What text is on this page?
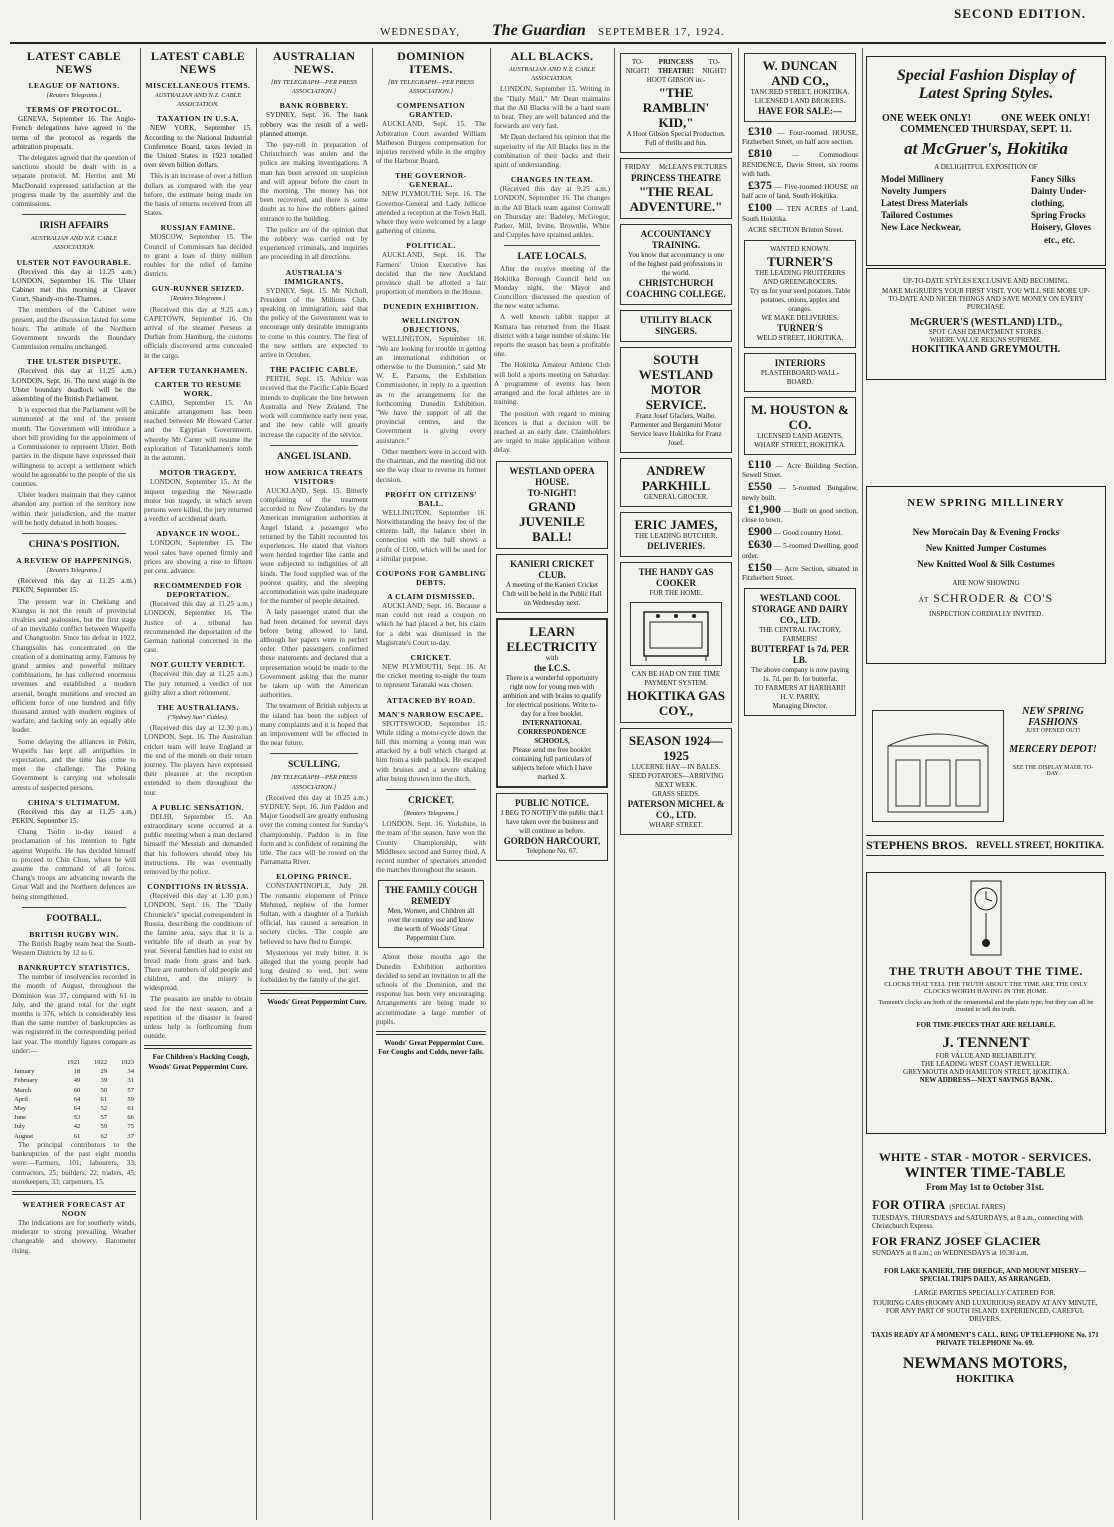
SECOND EDITION.
WEDNESDAY, The Guardian SEPTEMBER 17, 1924.
LATEST CABLE NEWS
LEAGUE OF NATIONS.
[Reuters Telegrams.]
TERMS OF PROTOCOL.

GENEVA, September 16. The Anglo-French delegations have agreed to the terms of the protocol as regards the arbitration proposals.

The delegates agreed that the question of sanctions should be dealt with in a separate protocol. M. Herriot and Mr MacDonald expressed satisfaction at the progress made by the assembly and the commissions.

IRISH AFFAIRS
AUSTRALIAN AND N.Z. CABLE ASSOCIATION.
ULSTER NOT FAVOURABLE.

(Received this day at 11.25 a.m.) LONDON, September 16. The Ulster Cabinet met this morning at Cleaver Court, Shandy-on-the-Thames.

The members of the Cabinet were present, and the discussion lasted for some hours. The attitude of the Northern Government towards the Boundary Commission remains unchanged.

THE ULSTER DISPUTE.

(Received this day at 11.25 a.m.) LONDON, Sept. 16. The next stage in the Ulster boundary deadlock will be the assembling of the British Parliament.

It is expected that the Parliament will be summoned at the end of the present month. The Government will introduce a short bill providing for the appointment of a Commissioner to represent Ulster. Both parties in the dispute have expressed their willingness to accept a settlement which would be agreeable to the people of the six counties.

Ulster leaders maintain that they cannot abandon any portion of the territory now within their jurisdiction, and the matter will be hotly debated in both houses.

CHINA'S POSITION.
A REVIEW OF HAPPENINGS.
[Reuters Telegrams.]

(Received this day at 11.25 a.m.) PEKIN, September 15.

The present war in Chekiang and Kiangsu is not the result of provincial rivalries and jealousies, but the first stage of an inevitable conflict between Wupeifu and Changtsolin. Since his defeat in 1922, Changtsolin has concentrated on the creation of a dominating army. Famous by grand armies and powerful military combinations, he has collected enormous revenues and established a modern arsenal, bought munitions and erected an efficient force of one hundred and fifty thousand armed with modern engines of warfare, and lacking only an equally able leader.

Some delaying the alliances in Pekin, Wupeifu has kept all antipathies in expectation, and the time has come to meet the challenge. The Peking Government is carrying out wholesale arrests of suspected persons.

CHINA'S ULTIMATUM.

(Received this day at 11.25 a.m.) PEKIN, September 15.

Chang Tsolin to-day issued a proclamation of his intention to fight against Wupeifu. He has decided himself to proceed to Chin Chou, where he will assume the command of all forces. Chang's troops are advancing towards the Great Wall and the Northern defences are being strengthened.

FOOTBALL.
BRITISH RUGBY WIN.

The British Rugby team beat the South-Western Districts by 12 to 6.

BANKRUPTCY STATISTICS.

The number of insolvencies recorded in the month of August, throughout the Dominion was 37, compared with 61 in July, and the grand total for the eight months is 376, which is considerably less than the same number of bankruptcies as was registered in the corresponding period last year. The monthly figures compare as under:—

	1921	1922	1923
January	18	29	34
February	49	39	31
March	60	50	57
April	64	61	59
May	64	52	61
June	53	57	66
July	42	59	75
August	61	62	37

The principal contributors to the bankruptcies of the past eight months were:—Farmers, 101; labourers, 33; contractors, 25; builders, 22; traders, 45; storekeepers, 33; carpenters, 15.

WEATHER FORECAST AT NOON

The indications are for southerly winds, moderate to strong prevailing. Weather changeable and showery. Barometer rising.

LATEST CABLE NEWS
MISCELLANEOUS ITEMS.
AUSTRALIAN AND N.Z. CABLE ASSOCIATION.
TAXATION IN U.S.A.

NEW YORK, September 15. According to the National Industrial Conference Board, taxes levied in the United States in 1923 totalled over seven billion dollars.

This is an increase of over a billion dollars as compared with the year before, the estimate being made on the basis of returns received from all States.

RUSSIAN FAMINE.

MOSCOW, September 15. The Council of Commissars has decided to grant a loan of thirty million roubles for the relief of famine districts.

GUN-RUNNER SEIZED.
[Reuters Telegrams.]

(Received this day at 9.25 a.m.) CAPETOWN, September 16. On arrival of the steamer Perseus at Durban from Hamburg, the customs officials discovered arms concealed in the cargo.

AFTER TUTANKHAMEN.
CARTER TO RESUME WORK.

CAIRO, September 15. An amicable arrangement has been reached between Mr Howard Carter and the Egyptian Government, whereby Mr Carter will resume the exploration of Tutankhamen's tomb in the autumn.

MOTOR TRAGEDY.

LONDON, September 15. At the inquest regarding the Newcastle motor bus tragedy, in which seven persons were killed, the jury returned a verdict of accidental death.

ADVANCE IN WOOL.

LONDON, September 15. The wool sales have opened firmly and prices are showing a rise to fifteen per cent. advance.

RECOMMENDED FOR DEPORTATION.

(Received this day at 11.25 a.m.) LONDON, September 16. The Justice of a tribunal has recommended the deportation of the German national concerned in the case.

NOT GUILTY VERDICT.

(Received this day at 11.25 a.m.) The jury returned a verdict of not guilty after a short retirement.

THE AUSTRALIANS.
("Sydney Sun" Cables).

(Received this day at 12.30 p.m.) LONDON, Sept. 16. The Australian cricket team will leave England at the end of the month on their return journey. The players have expressed their pleasure at the reception extended to them throughout the tour.

A PUBLIC SENSATION.

DELHI, September 15. An extraordinary scene occurred at a public meeting when a man declared himself the Messiah and demanded that his followers should obey his instructions. He was eventually removed by the police.

CONDITIONS IN RUSSIA.

(Received this day at 1.30 p.m.) LONDON, Sept. 16. The "Daily Chronicle's" special correspondent in Russia, describing the conditions of the famine area, says that it is a veritable life of death as year by year. Several families had to exist on bread made from grass and bark. There are numbers of old people and children, and the misery is widespread.

The peasants are unable to obtain seed for the next season, and a repetition of the disaster is feared unless help is forthcoming from outside.

For Children's Hacking Cough, Woods' Great Peppermint Cure.

AUSTRALIAN NEWS.
[BY TELEGRAPH—PER PRESS ASSOCIATION.]
BANK ROBBERY.

SYDNEY, Sept. 16. The bank robbery was the result of a well-planned attempt.

The pay-roll in preparation of Christchurch was stolen and the police are making investigations. A man has been arrested on suspicion and will appear before the court in the morning. The money has not been recovered, and there is some doubt as to how the robbers gained entrance to the building.

The police are of the opinion that the robbery was carried out by experienced criminals, and inquiries are proceeding in all directions.

AUSTRALIA'S IMMIGRANTS.

SYDNEY, Sept. 15. Mr Nicholl, President of the Millions Club, speaking on immigration, said that the policy of the Government was to encourage only desirable immigrants to come to this country. The first of the new settlers are expected to arrive in October.

THE PACIFIC CABLE.

PERTH, Sept. 15. Advice was received that the Pacific Cable Board intends to duplicate the line between Australia and New Zealand. The work will commence early next year, and the new cable will greatly increase the capacity of the service.

ANGEL ISLAND.
HOW AMERICA TREATS VISITORS

AUCKLAND, Sept. 15. Bitterly complaining of the treatment accorded to New Zealanders by the American immigration authorities at Angel Island, a passenger who returned by the Tahiti recounted his experiences. He stated that visitors were herded together like cattle and were subjected to indignities of all kinds. The food supplied was of the poorest quality, and the sleeping accommodation was quite inadequate for the number of people detained.

A lady passenger stated that she had been detained for several days before being allowed to land, although her papers were in perfect order. Other passengers confirmed these statements and declared that a representation would be made to the Government asking that the matter be taken up with the American authorities.

The treatment of British subjects at the island has been the subject of many complaints and it is hoped that an improvement will be effected in the near future.

SCULLING.
[BY TELEGRAPH—PER PRESS ASSOCIATION.]

(Received this day at 10.25 a.m.) SYDNEY, Sept. 16. Jim Paddon and Major Goodsell are greatly enthusing over the coming contest for Sunday's championship. Paddon is in fine form and is confident of retaining the title. The race will be rowed on the Parramatta River.

ELOPING PRINCE.

CONSTANTINOPLE, July 28. The romantic elopement of Prince Mehmed, nephew of the former Sultan, with a daughter of a Turkish official, has caused a sensation in society circles. The couple are believed to have fled to Europe.

Mysterious yet truly bitter, it is alleged that the young people had long desired to wed, but were forbidden by the family of the girl.

Woods' Great Peppermint Cure.

DOMINION ITEMS.
[BY TELEGRAPH—PER PRESS ASSOCIATION.]
COMPENSATION GRANTED.

AUCKLAND, Sept. 15. The Arbitration Court awarded William Matheson Burgess compensation for injuries received while in the employ of the Harbour Board.

THE GOVERNOR-GENERAL.

NEW PLYMOUTH, Sept. 16. The Governor-General and Lady Jellicoe attended a reception at the Town Hall, where they were welcomed by a large gathering of citizens.

POLITICAL.

AUCKLAND, Sept. 16. The Farmers' Union Executive has decided that the new Auckland province shall be allotted a fair proportion of members in the House.

DUNEDIN EXHIBITION.
WELLINGTON OBJECTIONS.

WELLINGTON, September 16. "We are looking for trouble in getting an international exhibition or otherwise to the Dominion," said Mr W. E. Parsons, the Exhibition Commissioner, in reply to a question as to the arrangements for the forthcoming Dunedin Exhibition. "We have the support of all the provincial centres, and the Government is giving every assistance."

Other members were in accord with the chairman, and the meeting did not see the way clear to reverse its former decision.

PROFIT ON CITIZENS' BALL.

WELLINGTON, September 16. Notwithstanding the heavy fee of the citizens ball, the balance sheet in connection with the ball shows a profit of £100, which will be used for a similar purpose.

COUPONS FOR GAMBLING DEBTS.
A CLAIM DISMISSED.

AUCKLAND, Sept. 16. Because a man could not read a coupon on which he had placed a bet, his claim for a debt was dismissed in the Magistrate's Court to-day.

CRICKET.

NEW PLYMOUTH, Sept. 16. At the cricket meeting to-night the team to represent Taranaki was chosen.

ATTACKED BY ROAD.
MAN'S NARROW ESCAPE.

SPOTTSWOOD, September 15. While riding a motor-cycle down the hill this morning a young man was attacked by a bull which charged at him from a side paddock. He escaped with bruises and a severe shaking after being thrown into the ditch.

CRICKET.
[Reuters Telegrams.]

LONDON, Sept. 16. Yorkshire, in the team of the season, have won the County Championship, with Middlesex second and Surrey third. A record number of spectators attended the matches throughout the season.

THE FAMILY COUGH REMEDY
Men, Women, and Children all over the country use and know the worth of Woods' Great Peppermint Cure.

About those mouths ago the Dunedin Exhibition authorities decided to send an invitation to all the schools of the Dominion, and the response has been very encouraging. Arrangements are being made to accommodate a large number of pupils.

Woods' Great Peppermint Cure. For Coughs and Colds, never fails.

ALL BLACKS.
AUSTRALIAN AND N.Z. CABLE ASSOCIATION.

LONDON, September 15. Writing in the "Daily Mail," Mr Dean maintains that the All Blacks will be a hard team to beat. They are well balanced and the forwards are very fast.

Mr Dean declared his opinion that the superiority of the All Blacks lies in the combination of their backs and their spirit of understanding.

CHANGES IN TEAM.

(Received this day at 9.25 a.m.) LONDON, September 16. The changes in the All Black team against Cornwall on Thursday are: Badeley, McGregor, Parker, Mill, Irvine, Brownlie, White and Cupples have sprained ankles.

LATE LOCALS.

After the receive meeting of the Hokitika Borough Council held on Monday night, the Mayor and Councillors discussed the question of the new water scheme.

A well known rabbit trapper at Kumara has returned from the Haast district with a large number of skins. He reports the season has been a profitable one.

The Hokitika Amateur Athletic Club will hold a sports meeting on Saturday. A programme of events has been arranged and the local athletes are in training.

The position with regard to mining licences is that a decision will be reached at an early date. Claimholders are urged to make application without delay.

WESTLAND OPERA HOUSE.
TO-NIGHT!
GRAND JUVENILE BALL!
KANIERI CRICKET CLUB.
A meeting of the Kanieri Cricket Club will be held in the Public Hall on Wednesday next.
LEARN
ELECTRICITY
with
the I.C.S.
There is a wonderful opportunity right now for young men with ambition and with brains to qualify for electrical positions. Write to-day for a free booklet.
INTERNATIONAL CORRESPONDENCE SCHOOLS,
Please send me free booklet containing full particulars of subjects before which I have marked X.
PUBLIC NOTICE.
I BEG TO NOTIFY the public that I have taken over the business and will continue as before.
GORDON HARCOURT,
Telephone No. 67.
TO-NIGHT!
PRINCESS THEATRE!
TO-NIGHT!
HOOT GIBSON in:-
"THE RAMBLIN' KID,"
A Hoot Gibson Special Production. Full of thrills and fun.
FRIDAY McLEAN'S PICTURES
PRINCESS THEATRE
"THE REAL ADVENTURE."
ACCOUNTANCY TRAINING.
You know that accountancy is one of the highest paid professions in the world.
CHRISTCHURCH COACHING COLLEGE.
UTILITY BLACK SINGERS.
SOUTH WESTLAND MOTOR SERVICE.
Franz Josef Glaciers, Waiho. Parmenter and Bergamini Motor Service leave Hokitika for Franz Josef.
ANDREW PARKHILL
GENERAL GROCER.
ERIC JAMES,
THE LEADING BUTCHER.
DELIVERIES.
THE HANDY GAS COOKER
FOR THE HOME.
CAN BE HAD ON THE TIME PAYMENT SYSTEM.
HOKITIKA GAS COY.,
SEASON 1924—1925
LUCERNE HAY—IN BALES.
SEED POTATOES—ARRIVING NEXT WEEK.
GRASS SEEDS.
PATERSON MICHEL & CO., LTD.
WHARF STREET.
W. DUNCAN AND CO.,
TANCRED STREET, HOKITIKA.
LICENSED LAND BROKERS.
HAVE FOR SALE:—

£310 — Four-roomed HOUSE, Fitzherbert Street, on half acre section.

£810 — Commodious RESIDENCE, Davie Street, six rooms with bath.

£375 — Five-roomed HOUSE on half acre of land, South Hokitika.

£100 — TEN ACRES of Land, South Hokitika.

ACRE SECTION Brinton Street.

WANTED KNOWN.
TURNER'S
THE LEADING FRUITERERS AND GREENGROCERS.
Try us for your seed potatoes. Table potatoes, onions, apples and oranges.
WE MAKE DELIVERIES.
TURNER'S
WELD STREET, HOKITIKA.
INTERIORS
PLASTERBOARD WALL-BOARD.
M. HOUSTON & CO.
LICENSED LAND AGENTS,
WHARF STREET, HOKITIKA.

£110 — Acre Building Section, Sewell Street.

£550 — 5-roomed Bungalow, newly built.

£1,900 — Built on good section, close to town.

£900 — Good country Hotel.

£630 — 5-roomed Dwelling, good order.

£150 — Acre Section, situated in Fitzherbert Street.

WESTLAND COOL STORAGE AND DAIRY CO., LTD.
THE CENTRAL FACTORY, FARMERS!
BUTTERFAT 1s 7d. PER LB.
The above company is now paying 1s. 7d. per lb. for butterfat.
TO FARMERS AT HARIHARI!
H. V. PARRY,
Managing Director.
Special Fashion Display of
Latest Spring Styles.
ONE WEEK ONLY!	ONE WEEK ONLY!
COMMENCED THURSDAY, SEPT. 11.
at McGruer's, Hokitika
A DELIGHTFUL EXPOSITION OF
Model Millinery
Novelty Jumpers
Latest Dress Materials
Tailored Costumes
New Lace Neckwear,
Fancy Silks
Dainty Under-
clothing,
Spring Frocks
Hoisery, Gloves
etc., etc.
UP-TO-DATE STYLES EXCLUSIVE AND BECOMING.
MAKE McGRUER'S YOUR FIRST VISIT. YOU WILL SEE MORE UP-TO-DATE AND NICER THINGS AND SAVE MONEY ON EVERY PURCHASE.
McGRUER'S (WESTLAND) LTD.,
SPOT CASH DEPARTMENT STORES.
WHERE VALUE REIGNS SUPREME.
HOKITIKA AND GREYMOUTH.
NEW SPRING MILLINERY
New Morocain Day & Evening Frocks
New Knitted Jumper Costumes
New Knitted Wool & Silk Costumes
ARE NOW SHOWING
AT SCHRODER & CO'S
INSPECTION CORDIALLY INVITED.
NEW SPRING FASHIONS
JUST OPENED OUT!
MERCERY DEPOT!
SEE THE DISPLAY MADE TO-DAY.
STEPHENS BROS. REVELL STREET, HOKITIKA.
THE TRUTH ABOUT THE TIME.
CLOCKS THAT TELL THE TRUTH ABOUT THE TIME ARE THE ONLY CLOCKS WORTH HAVING IN THE HOME.
Tennent's clocks are both of the ornamental and the plain type, but they can all be trusted to tell the truth.
FOR TIME-PIECES THAT ARE RELIABLE.
J. TENNENT
FOR VALUE AND RELIABILITY.
THE LEADING WEST COAST JEWELLER.
GREYMOUTH AND HAMILTON STREET, HOKITIKA.
NEW ADDRESS—NEXT SAVINGS BANK.
WHITE - STAR - MOTOR - SERVICES.
WINTER TIME-TABLE
From May 1st to October 31st.
FOR OTIRA (SPECIAL FARES)
TUESDAYS, THURSDAYS and SATURDAYS, at 8 a.m., connecting with Christchurch Express.
FOR FRANZ JOSEF GLACIER
SUNDAYS at 8 a.m.; on WEDNESDAYS at 10.30 a.m.
FOR LAKE KANIERI, THE DREDGE, AND MOUNT MISERY—SPECIAL TRIPS DAILY, AS ARRANGED.
LARGE PARTIES SPECIALLY CATERED FOR.
TOURING CARS (ROOMY AND LUXURIOUS) READY AT ANY MINUTE, FOR ANY PART OF SOUTH ISLAND. EXPERIENCED, CAREFUL DRIVERS.
TAXIS READY AT A MOMENT'S CALL. RING UP TELEPHONE No. 171
PRIVATE TELEPHONE No. 69.
NEWMANS MOTORS,
HOKITIKA
